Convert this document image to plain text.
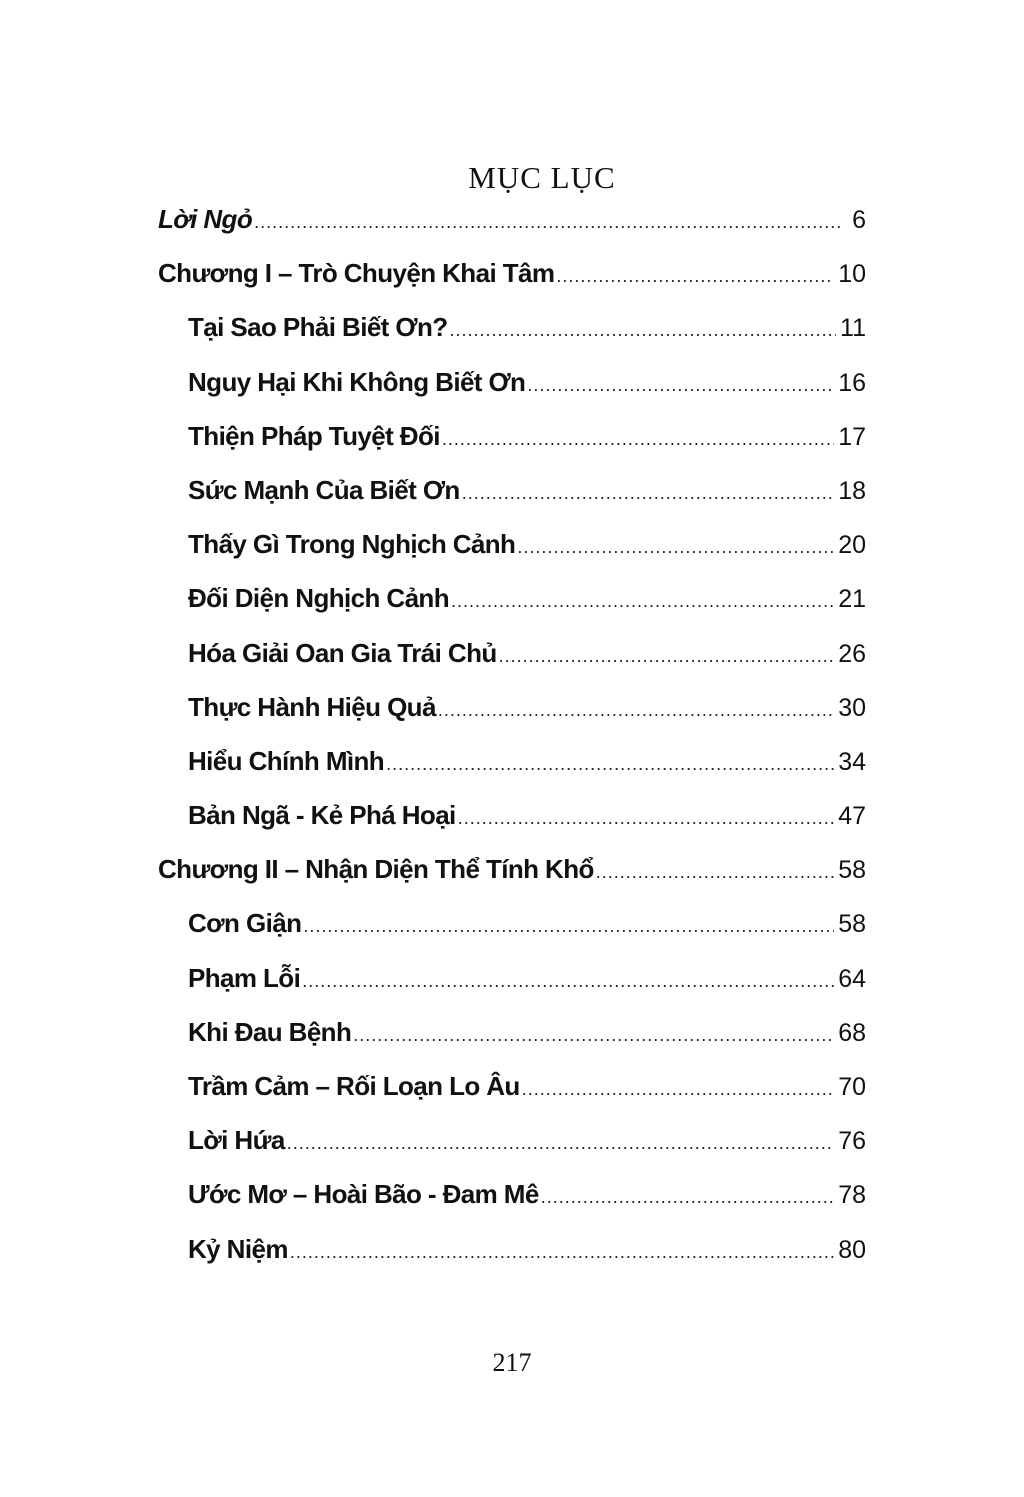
MỤC LỤC
Lời Ngỏ .....	6
Chương I – Trò Chuyện Khai Tâm .....	10
Tại Sao Phải Biết Ơn? .....	11
Nguy Hại Khi Không Biết Ơn .....	16
Thiện Pháp Tuyệt Đối .....	17
Sức Mạnh Của Biết Ơn .....	18
Thấy Gì Trong Nghịch Cảnh .....	20
Đối Diện Nghịch Cảnh .....	21
Hóa Giải Oan Gia Trái Chủ .....	26
Thực Hành Hiệu Quả .....	30
Hiểu Chính Mình .....	34
Bản Ngã - Kẻ Phá Hoại .....	47
Chương II – Nhận Diện Thể Tính Khổ .....	58
Cơn Giận .....	58
Phạm Lỗi .....	64
Khi Đau Bệnh .....	68
Trầm Cảm – Rối Loạn Lo Âu .....	70
Lời Hứa .....	76
Ước Mơ – Hoài Bão - Đam Mê .....	78
Kỷ Niệm .....	80
217
